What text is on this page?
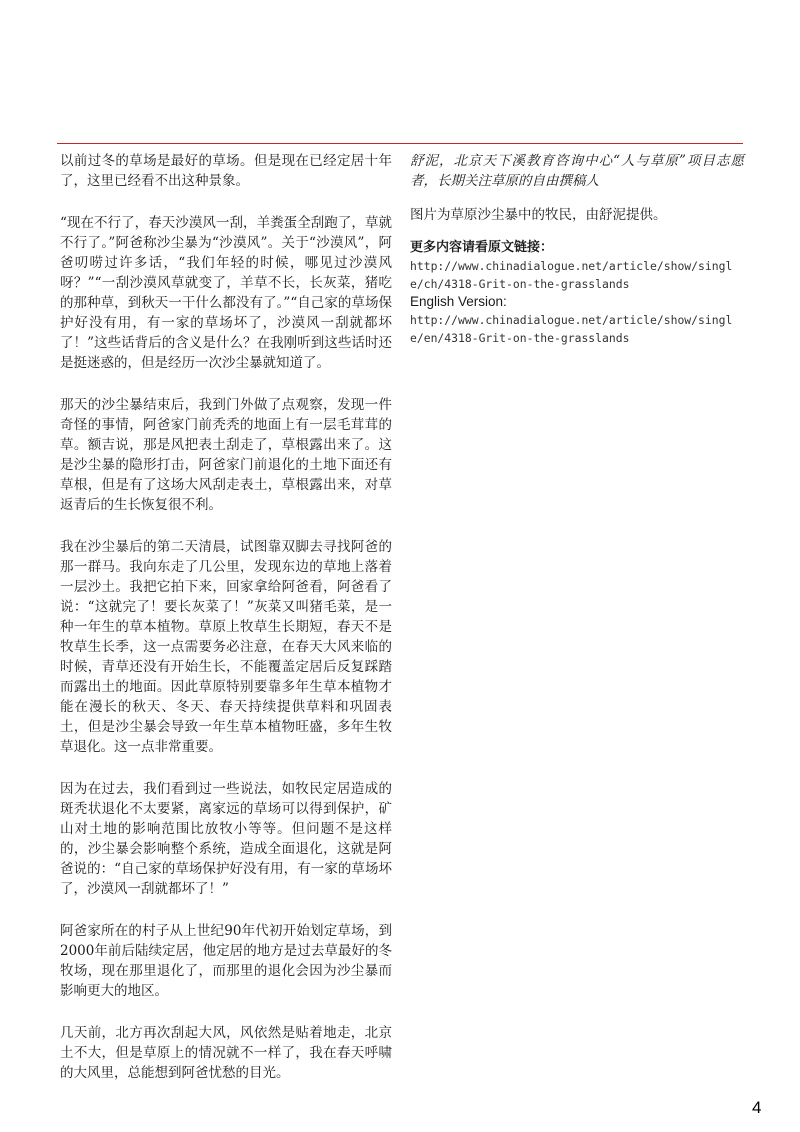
以前过冬的草场是最好的草场。但是现在已经定居十年了，这里已经看不出这种景象。

“现在不行了，春天沙漠风一刮，羊粪蛋全刮跑了，草就不行了。”阿爸称沙尘暴为“沙漠风”。关于“沙漠风”，阿爸叨唠过许多话，“我们年轻的时候，哪见过沙漠风呀？”“一刮沙漠风草就变了，羊草不长，长灰菜，猪吃的那种草，到秋天一干什么都没有了。”“自己家的草场保护好没有用，有一家的草场坏了，沙漠风一刮就都坏了！”这些话背后的含义是什么？在我刚听到这些话时还是挺迷惑的，但是经历一次沙尘暴就知道了。

那天的沙尘暴结束后，我到门外做了点观察，发现一件奇怪的事情，阿爸家门前秃秃的地面上有一层毛茸茸的草。额吉说，那是风把表土刮走了，草根露出来了。这是沙尘暴的隐形打击，阿爸家门前退化的土地下面还有草根，但是有了这场大风刮走表土，草根露出来，对草返青后的生长恢复很不利。

我在沙尘暴后的第二天清晨，试图靠双脚去寻找阿爸的那一群马。我向东走了几公里，发现东边的草地上落着一层沙土。我把它拍下来，回家拿给阿爸看，阿爸看了说：“这就完了！要长灰菜了！”灰菜又叫猪毛菜，是一种一年生的草本植物。草原上牧草生长期短，春天不是牧草生长季，这一点需要务必注意，在春天大风来临的时候，青草还没有开始生长，不能覆盖定居后反复踩踏而露出土的地面。因此草原特别要靠多年生草本植物才能在漫长的秋天、冬天、春天持续提供草料和巩固表土，但是沙尘暴会导致一年生草本植物旺盛，多年生牧草退化。这一点非常重要。

因为在过去，我们看到过一些说法，如牧民定居造成的斑秃状退化不太要紧，离家远的草场可以得到保护，矿山对土地的影响范围比放牧小等等。但问题不是这样的，沙尘暴会影响整个系统，造成全面退化，这就是阿爸说的：“自己家的草场保护好没有用，有一家的草场坏了，沙漠风一刮就都坏了！”

阿爸家所在的村子从上世纪90年代初开始划定草场，到2000年前后陆续定居，他定居的地方是过去草最好的冬牧场，现在那里退化了，而那里的退化会因为沙尘暴而影响更大的地区。

几天前，北方再次刮起大风，风依然是贴着地走，北京土不大，但是草原上的情况就不一样了，我在春天呼啸的大风里，总能想到阿爸忧愁的目光。

舒泥，北京天下溪教育咨询中心“人与草原”项目志愿者，长期关注草原的自由撰稿人

图片为草原沙尘暴中的牧民，由舒泥提供。

更多内容请看原文链接：

http://www.chinadialogue.net/article/show/single/ch/4318-Grit-on-the-grasslands

English Version:

http://www.chinadialogue.net/article/show/single/en/4318-Grit-on-the-grasslands
4
